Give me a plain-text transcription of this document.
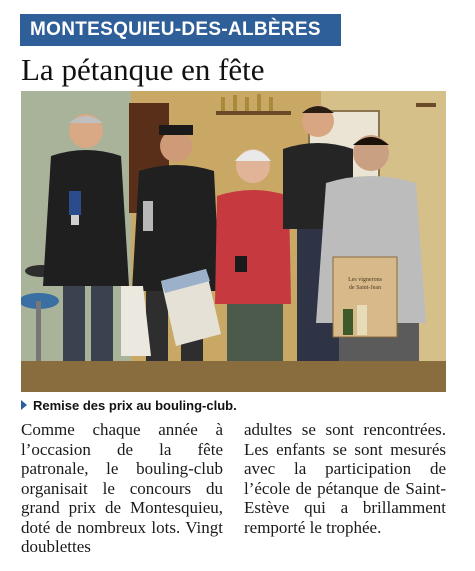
MONTESQUIEU-DES-ALBÈRES
La pétanque en fête
Les vignerons
de Saint-Jean
Remise des prix au bouling-club.

Comme chaque année à l’occasion de la fête patronale, le bouling-club organisait le concours du grand prix de Montesquieu, doté de nombreux lots. Vingt doublettes

adultes se sont rencontrées. Les enfants se sont mesurés avec la participation de l’école de pétanque de Saint-Estève qui a brillamment remporté le trophée.
